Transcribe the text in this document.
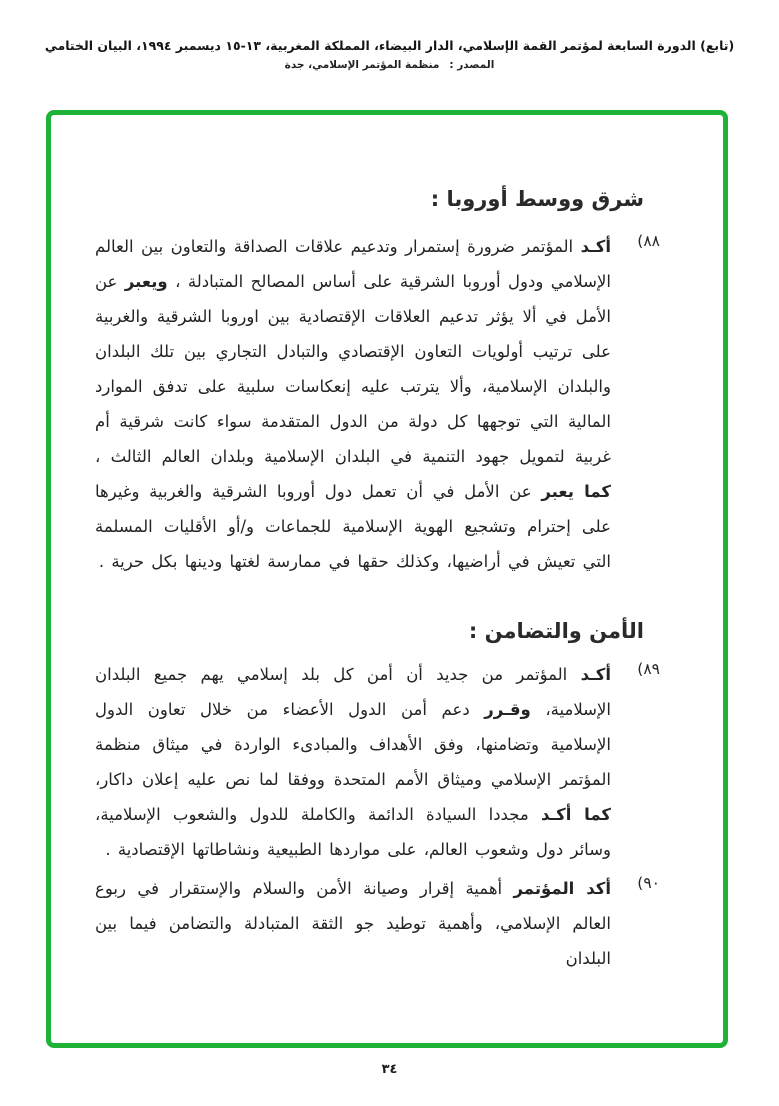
(تابع) الدورة السابعة لمؤتمر القمة الإسلامي، الدار البيضاء، المملكة المغربية، ١٣-١٥ ديسمبر ١٩٩٤، البيان الختامي
المصدر :منظمة المؤتمر الإسلامي، جدة
شرق ووسط أوروبا :
٨٨)
أكـد المؤتمر ضرورة إستمرار وتدعيم علاقات الصداقة والتعاون بين العالم الإسلامي ودول أوروبا الشرقية على أساس المصالح المتبادلة ، ويعبر عن الأمل في ألا يؤثر تدعيم العلاقات الإقتصادية بين اوروبا الشرقية والغربية على ترتيب أولويات التعاون الإقتصادي والتبادل التجاري بين تلك البلدان والبلدان الإسلامية، وألا يترتب عليه إنعكاسات سلبية على تدفق الموارد المالية التي توجهها كل دولة من الدول المتقدمة سواء كانت شرقية أم غربية لتمويل جهود التنمية في البلدان الإسلامية وبلدان العالم الثالث ، كما يعبر عن الأمل في أن تعمل دول أوروبا الشرقية والغربية وغيرها على إحترام وتشجيع الهوية الإسلامية للجماعات و/أو الأقليات المسلمة التي تعيش في أراضيها، وكذلك حقها في ممارسة لغتها ودينها بكل حرية .
الأمن والتضامن :
٨٩)
أكـد المؤتمر من جديد أن أمن كل بلد إسلامي يهم جميع البلدان الإسلامية، وقـرر دعم أمن الدول الأعضاء من خلال تعاون الدول الإسلامية وتضامنها، وفق الأهداف والمبادىء الواردة في ميثاق منظمة المؤتمر الإسلامي وميثاق الأمم المتحدة ووفقا لما نص عليه إعلان داكار، كما أكـد مجددا السيادة الدائمة والكاملة للدول والشعوب الإسلامية، وسائر دول وشعوب العالم، على مواردها الطبيعية ونشاطاتها الإقتصادية .
٩٠)
أكد المؤتمر أهمية إقرار وصيانة الأمن والسلام والإستقرار في ربوع العالم الإسلامي، وأهمية توطيد جو الثقة المتبادلة والتضامن فيما بين البلدان
٣٤
